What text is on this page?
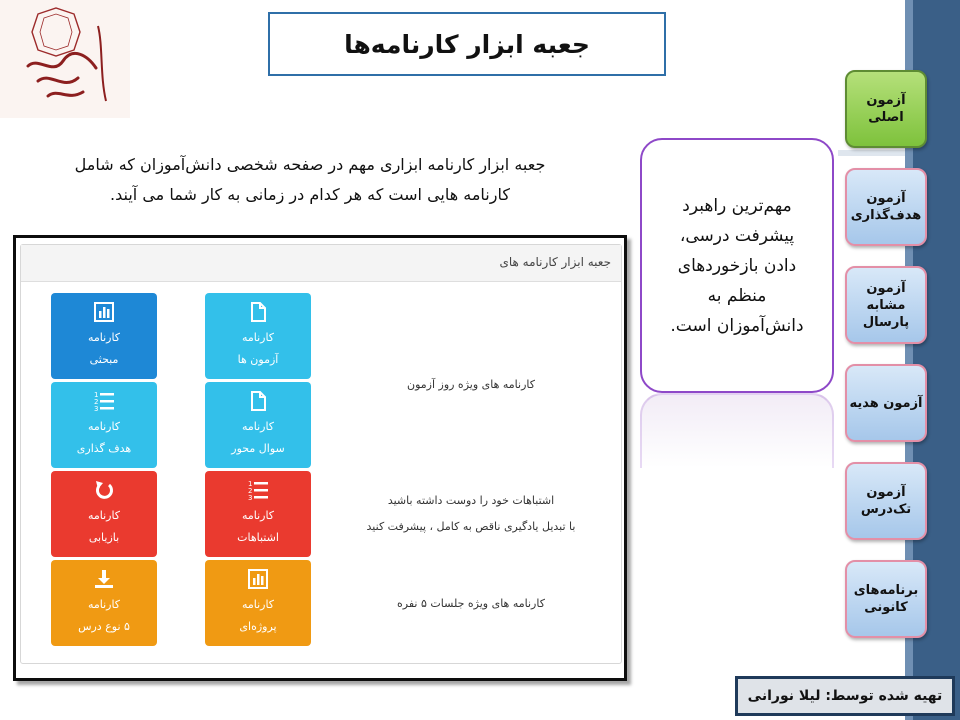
جعبه ابزار کارنامه‌ها
جعبه ابزار کارنامه ابزاری مهم در صفحه شخصی دانش‌آموزان که شامل
کارنامه هایی است که هر کدام در زمانی به کار شما می آیند.
جعبه ابزار کارنامه های
کارنامه
مبحثی
کارنامه
آزمون ها
1
2
3
کارنامه
هدف گذاری
کارنامه
سوال محور
کارنامه
بازیابی
1
2
3
کارنامه
اشتباهات
کارنامه
۵ نوع درس
کارنامه
پروژه‌ای
کارنامه های ویژه روز آزمون
اشتباهات خود را دوست داشته باشید
با تبدیل یادگیری ناقص به کامل ، پیشرفت کنید
کارنامه های ویژه جلسات ۵ نفره
مهم‌ترین راهبرد پیشرفت درسی، دادن بازخوردهای منظم به دانش‌آموزان است.
آزمون اصلی
آزمون هدف‌گذاری
آزمون مشابه پارسال
آزمون هدیه
آزمون تک‌درس
برنامه‌های کانونی
تهیه شده توسط: لیلا نورانی
